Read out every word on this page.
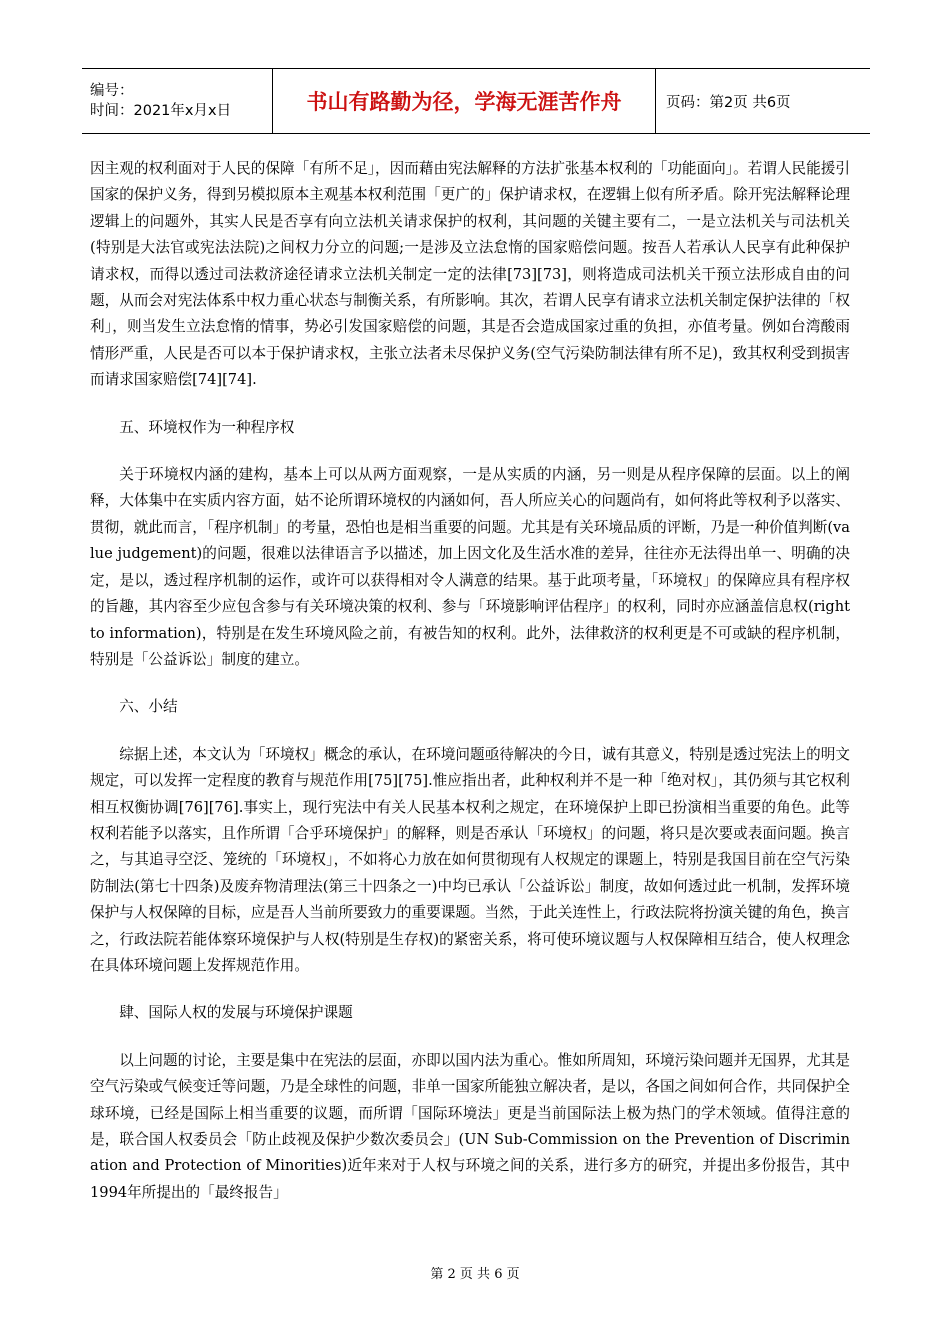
编号：
时间：2021年x月x日	书山有路勤为径，学海无涯苦作舟	页码：第2页 共6页

因主观的权利面对于人民的保障「有所不足」，因而藉由宪法解释的方法扩张基本权利的「功能面向」。若谓人民能援引国家的保护义务，得到另模拟原本主观基本权利范围「更广的」保护请求权，在逻辑上似有所矛盾。除开宪法解释论理逻辑上的问题外，其实人民是否享有向立法机关请求保护的权利，其问题的关键主要有二，一是立法机关与司法机关(特别是大法官或宪法法院)之间权力分立的问题;一是涉及立法怠惰的国家赔偿问题。按吾人若承认人民享有此种保护请求权，而得以透过司法救济途径请求立法机关制定一定的法律[73][73]，则将造成司法机关干预立法形成自由的问题，从而会对宪法体系中权力重心状态与制衡关系，有所影响。其次，若谓人民享有请求立法机关制定保护法律的「权利」，则当发生立法怠惰的情事，势必引发国家赔偿的问题，其是否会造成国家过重的负担，亦值考量。例如台湾酸雨情形严重，人民是否可以本于保护请求权，主张立法者未尽保护义务(空气污染防制法律有所不足)，致其权利受到损害而请求国家赔偿[74][74].

五、环境权作为一种程序权

关于环境权内涵的建构，基本上可以从两方面观察，一是从实质的内涵，另一则是从程序保障的层面。以上的阐释，大体集中在实质内容方面，姑不论所谓环境权的内涵如何，吾人所应关心的问题尚有，如何将此等权利予以落实、贯彻，就此而言，「程序机制」的考量，恐怕也是相当重要的问题。尤其是有关环境品质的评断，乃是一种价值判断(value judgement)的问题，很难以法律语言予以描述，加上因文化及生活水准的差异，往往亦无法得出单一、明确的决定，是以，透过程序机制的运作，或许可以获得相对令人满意的结果。基于此项考量，「环境权」的保障应具有程序权的旨趣，其内容至少应包含参与有关环境决策的权利、参与「环境影响评估程序」的权利，同时亦应涵盖信息权(right to information)，特别是在发生环境风险之前，有被告知的权利。此外，法律救济的权利更是不可或缺的程序机制，特别是「公益诉讼」制度的建立。

六、小结

综据上述，本文认为「环境权」概念的承认，在环境问题亟待解决的今日，诚有其意义，特别是透过宪法上的明文规定，可以发挥一定程度的教育与规范作用[75][75].惟应指出者，此种权利并不是一种「绝对权」，其仍须与其它权利相互权衡协调[76][76].事实上，现行宪法中有关人民基本权利之规定，在环境保护上即已扮演相当重要的角色。此等权利若能予以落实，且作所谓「合乎环境保护」的解释，则是否承认「环境权」的问题，将只是次要或表面问题。换言之，与其追寻空泛、笼统的「环境权」，不如将心力放在如何贯彻现有人权规定的课题上，特别是我国目前在空气污染防制法(第七十四条)及废弃物清理法(第三十四条之一)中均已承认「公益诉讼」制度，故如何透过此一机制，发挥环境保护与人权保障的目标，应是吾人当前所要致力的重要课题。当然，于此关连性上，行政法院将扮演关键的角色，换言之，行政法院若能体察环境保护与人权(特别是生存权)的紧密关系，将可使环境议题与人权保障相互结合，使人权理念在具体环境问题上发挥规范作用。

肆、国际人权的发展与环境保护课题

以上问题的讨论，主要是集中在宪法的层面，亦即以国内法为重心。惟如所周知，环境污染问题并无国界，尤其是空气污染或气候变迁等问题，乃是全球性的问题，非单一国家所能独立解决者，是以，各国之间如何合作，共同保护全球环境，已经是国际上相当重要的议题，而所谓「国际环境法」更是当前国际法上极为热门的学术领域。值得注意的是，联合国人权委员会「防止歧视及保护少数次委员会」(UN Sub-Commission on the Prevention of Discrimination and Protection of Minorities)近年来对于人权与环境之间的关系，进行多方的研究，并提出多份报告，其中1994年所提出的「最终报告」

第 2 页 共 6 页
